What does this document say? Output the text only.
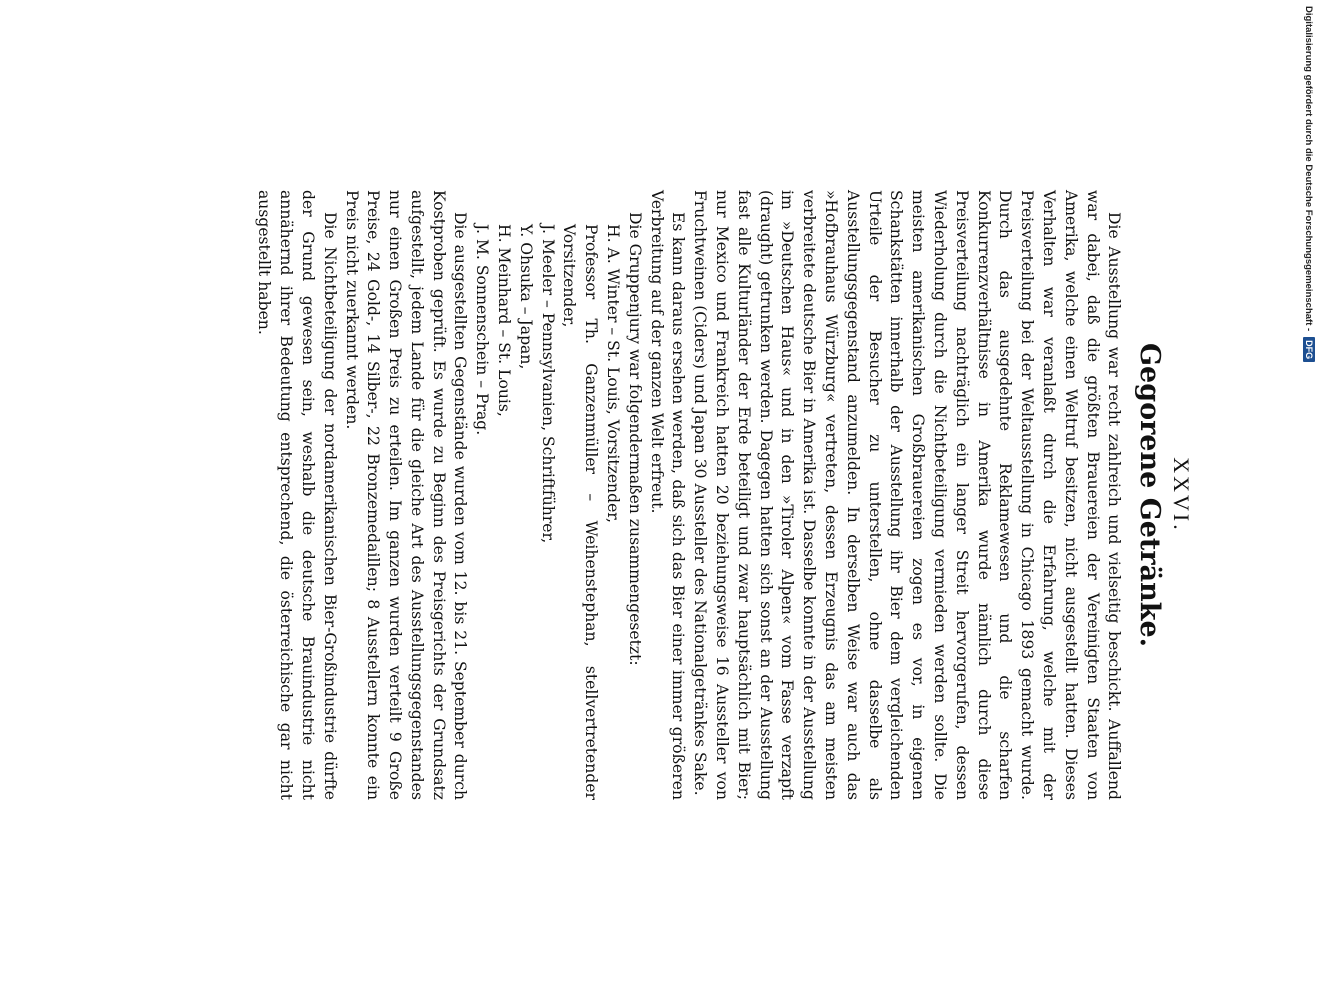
Digitalisierung gefördert durch die Deutsche Forschungsgemeinschaft -
DFG
XXVI.
Gegorene Getränke.

Die Ausstellung war recht zahlreich und vielseitig beschickt. Auffallend war dabei, daß die größten Brauereien der Vereinigten Staaten von Amerika, welche einen Weltruf besitzen, nicht ausgestellt hatten. Dieses Verhalten war veranlaßt durch die Erfahrung, welche mit der Preisverteilung bei der Weltausstellung in Chicago 1893 gemacht wurde. Durch das ausgedehnte Reklamewesen und die scharfen Konkurrenzverhältnisse in Amerika wurde nämlich durch diese Preisverteilung nachträglich ein langer Streit hervorgerufen, dessen Wiederholung durch die Nichtbeteiligung vermieden werden sollte. Die meisten amerikanischen Großbrauereien zogen es vor, in eigenen Schankstätten innerhalb der Ausstellung ihr Bier dem vergleichenden Urteile der Besucher zu unterstellen, ohne dasselbe als Ausstellungsgegenstand anzumelden. In derselben Weise war auch das »Hofbrauhaus Würzburg« vertreten, dessen Erzeugnis das am meisten verbreitete deutsche Bier in Amerika ist. Dasselbe konnte in der Ausstellung im »Deutschen Haus« und in den »Tiroler Alpen« vom Fasse verzapft (draught) getrunken werden. Dagegen hatten sich sonst an der Ausstellung fast alle Kulturländer der Erde beteiligt und zwar hauptsächlich mit Bier; nur Mexico und Frankreich hatten 20 beziehungsweise 16 Aussteller von Fruchtweinen (Ciders) und Japan 30 Aussteller des Nationalgetränkes Sake.

Es kann daraus ersehen werden, daß sich das Bier einer immer größeren Verbreitung auf der ganzen Welt erfreut.

Die Gruppenjury war folgendermaßen zusammengesetzt:

H. A. Winter – St. Louis, Vorsitzender,
Professor Th. Ganzenmüller – Weihenstephan, stellvertretender Vorsitzender,
J. Meeler – Pennsylvanien, Schriftführer,
Y. Ohsuka – Japan,
H. Meinhard – St. Louis,
J. M. Sonnenschein – Prag.

Die ausgestellten Gegenstände wurden vom 12. bis 21. September durch Kostproben geprüft. Es wurde zu Beginn des Preisgerichts der Grundsatz aufgestellt, jedem Lande für die gleiche Art des Ausstellungsgegenstandes nur einen Großen Preis zu erteilen. Im ganzen wurden verteilt 9 Große Preise, 24 Gold-, 14 Silber-, 22 Bronzemedaillen; 8 Ausstellern konnte ein Preis nicht zuerkannt werden.

Die Nichtbeteiligung der nordamerikanischen Bier-Großindustrie dürfte der Grund gewesen sein, weshalb die deutsche Brauindustrie nicht annähernd ihrer Bedeutung entsprechend, die österreichische gar nicht ausgestellt haben.
